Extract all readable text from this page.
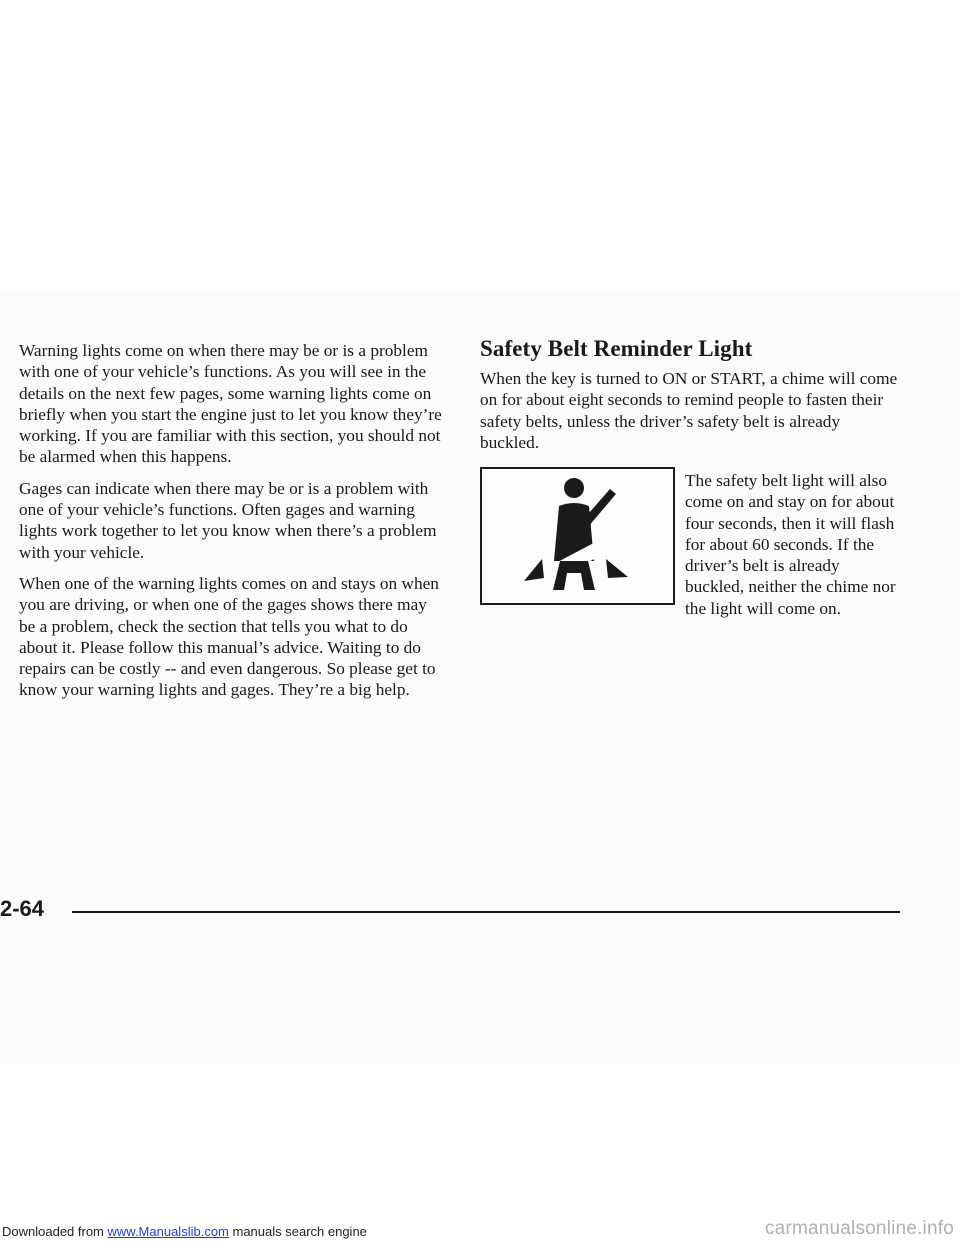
Warning lights come on when there may be or is a problem with one of your vehicle’s functions. As you will see in the details on the next few pages, some warning lights come on briefly when you start the engine just to let you know they’re working. If you are familiar with this section, you should not be alarmed when this happens.

Gages can indicate when there may be or is a problem with one of your vehicle’s functions. Often gages and warning lights work together to let you know when there’s a problem with your vehicle.

When one of the warning lights comes on and stays on when you are driving, or when one of the gages shows there may be a problem, check the section that tells you what to do about it. Please follow this manual’s advice. Waiting to do repairs can be costly -- and even dangerous. So please get to know your warning lights and gages. They’re a big help.

Safety Belt Reminder Light

When the key is turned to ON or START, a chime will come on for about eight seconds to remind people to fasten their safety belts, unless the driver’s safety belt is already buckled.

The safety belt light will also come on and stay on for about four seconds, then it will flash for about 60 seconds. If the driver’s belt is already buckled, neither the chime nor the light will come on.

2-64
Downloaded from www.Manualslib.com manuals search engine	carmanualsonline.info
